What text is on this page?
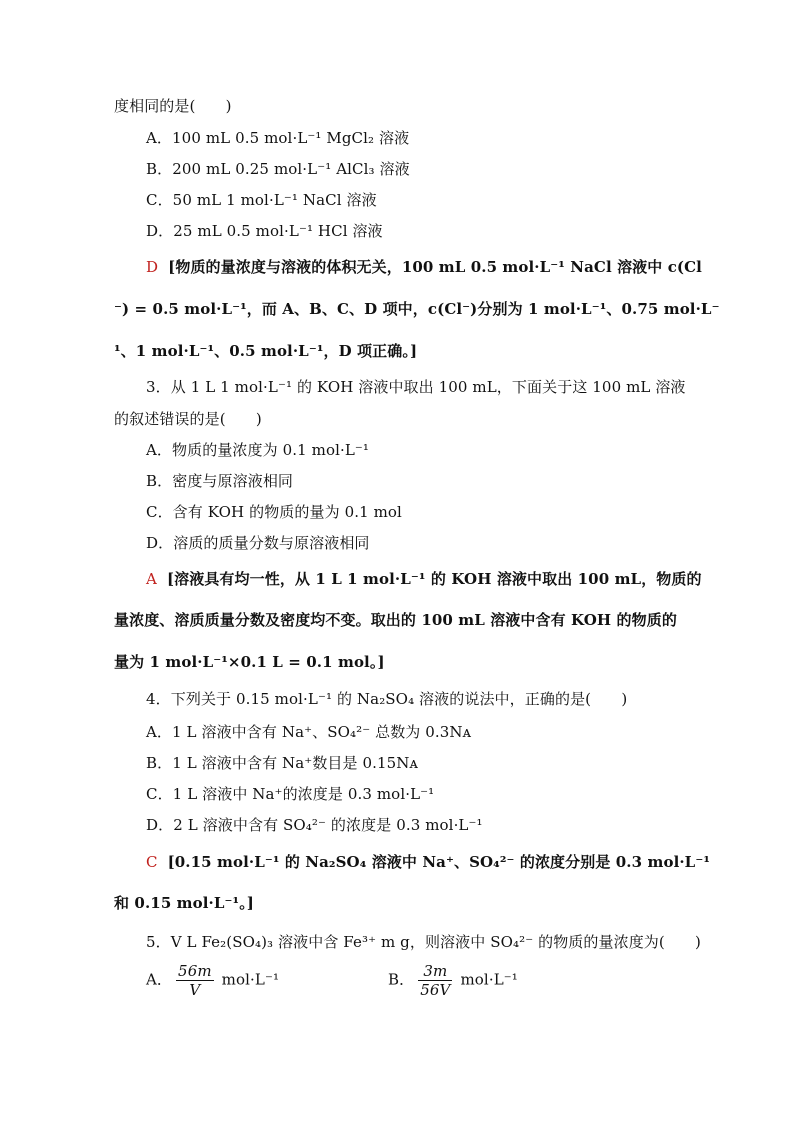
度相同的是(　　)
A．100 mL 0.5 mol·L⁻¹ MgCl₂ 溶液
B．200 mL 0.25 mol·L⁻¹ AlCl₃ 溶液
C．50 mL 1 mol·L⁻¹ NaCl 溶液
D．25 mL 0.5 mol·L⁻¹ HCl 溶液
D [物质的量浓度与溶液的体积无关，100 mL 0.5 mol·L⁻¹ NaCl 溶液中 c(Cl
⁻) = 0.5 mol·L⁻¹，而 A、B、C、D 项中，c(Cl⁻)分别为 1 mol·L⁻¹、0.75 mol·L⁻
¹、1 mol·L⁻¹、0.5 mol·L⁻¹，D 项正确。]
3．从 1 L 1 mol·L⁻¹ 的 KOH 溶液中取出 100 mL，下面关于这 100 mL 溶液
的叙述错误的是(　　)
A．物质的量浓度为 0.1 mol·L⁻¹
B．密度与原溶液相同
C．含有 KOH 的物质的量为 0.1 mol
D．溶质的质量分数与原溶液相同
A [溶液具有均一性，从 1 L 1 mol·L⁻¹ 的 KOH 溶液中取出 100 mL，物质的
量浓度、溶质质量分数及密度均不变。取出的 100 mL 溶液中含有 KOH 的物质的
量为 1 mol·L⁻¹×0.1 L = 0.1 mol。]
4．下列关于 0.15 mol·L⁻¹ 的 Na₂SO₄ 溶液的说法中，正确的是(　　)
A．1 L 溶液中含有 Na⁺、SO₄²⁻ 总数为 0.3Nᴀ
B．1 L 溶液中含有 Na⁺数目是 0.15Nᴀ
C．1 L 溶液中 Na⁺的浓度是 0.3 mol·L⁻¹
D．2 L 溶液中含有 SO₄²⁻ 的浓度是 0.3 mol·L⁻¹
C [0.15 mol·L⁻¹ 的 Na₂SO₄ 溶液中 Na⁺、SO₄²⁻ 的浓度分别是 0.3 mol·L⁻¹
和 0.15 mol·L⁻¹。]
5．V L Fe₂(SO₄)₃ 溶液中含 Fe³⁺ m g，则溶液中 SO₄²⁻ 的物质的量浓度为(　　)
A． $\frac{56m}{V} mol\cdot L^{-1}$	B． $\frac{3m}{56V} mol\cdot L^{-1}$
